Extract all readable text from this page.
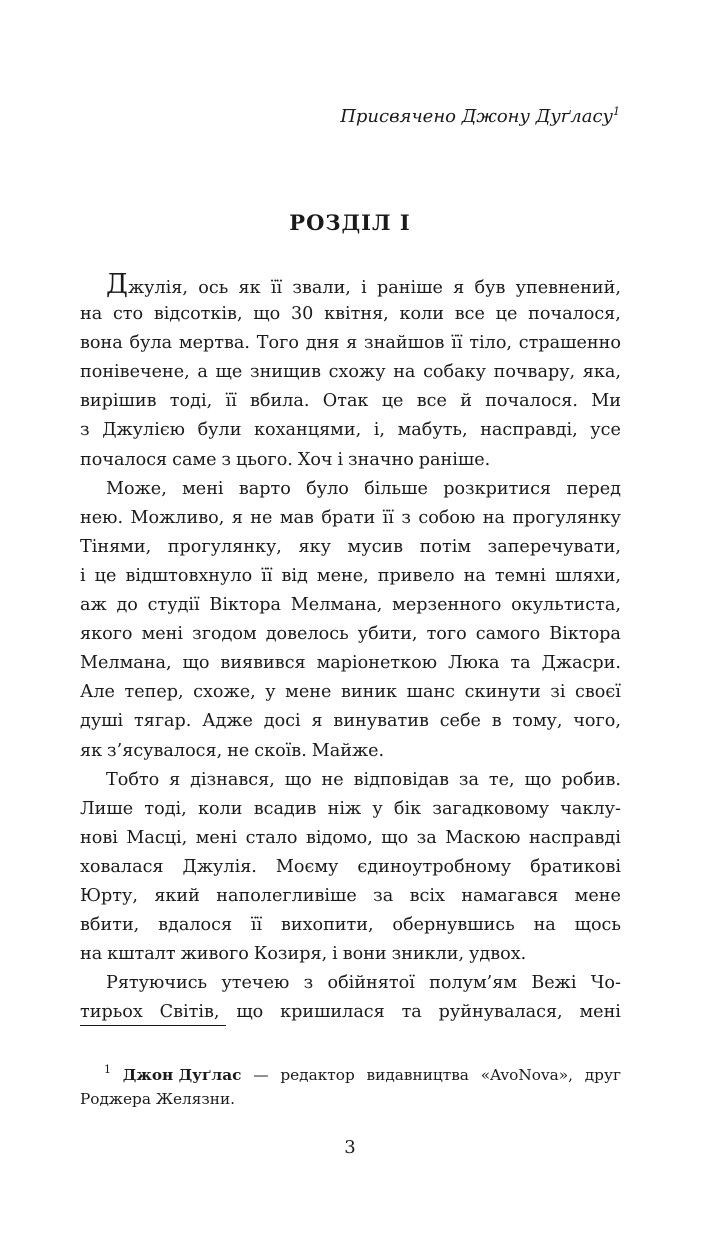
Присвячено Джону Дуґласу$^1$
РОЗДІЛ I
Джулія, ось як її звали, і раніше я був упевнений,
на сто відсотків, що 30 квітня, коли все це почалося,
вона була мертва. Того дня я знайшов її тіло, страшенно
понівечене, а ще знищив схожу на собаку почвару, яка,
вирішив тоді, її вбила. Отак це все й почалося. Ми
з Джулією були коханцями, і, мабуть, насправді, усе
почалося саме з цього. Хоч і значно раніше.
Може, мені варто було більше розкритися перед
нею. Можливо, я не мав брати її з собою на прогулянку
Тінями, прогулянку, яку мусив потім заперечувати,
і це відштовхнуло її від мене, привело на темні шляхи,
аж до студії Віктора Мелмана, мерзенного окультиста,
якого мені згодом довелось убити, того самого Віктора
Мелмана, що виявився маріонеткою Люка та Джасри.
Але тепер, схоже, у мене виник шанс скинути зі своєї
душі тягар. Адже досі я винуватив себе в тому, чого,
як з’ясувалося, не скоїв. Майже.
Тобто я дізнався, що не відповідав за те, що робив.
Лише тоді, коли всадив ніж у бік загадковому чаклу-
нові Масці, мені стало відомо, що за Маскою насправді
ховалася Джулія. Моєму єдиноутробному братикові
Юрту, який наполегливіше за всіх намагався мене
вбити, вдалося її вихопити, обернувшись на щось
на кшталт живого Козиря, і вони зникли, удвох.
Рятуючись утечею з обійнятої полум’ям Вежі Чо-
тирьох Світів, що кришилася та руйнувалася, мені
$^1$ Джон Дуґлас — редактор видавництва «AvoNova», друг
Роджера Желязни.
3
